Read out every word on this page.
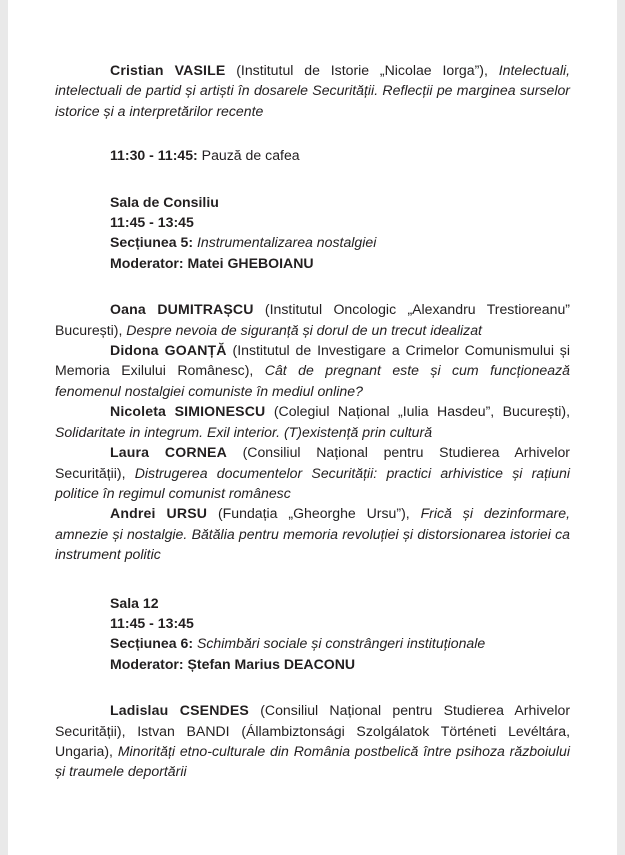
Cristian VASILE (Institutul de Istorie „Nicolae Iorga”), Intelectuali, intelectuali de partid și artiști în dosarele Securității. Reflecții pe marginea surselor istorice și a interpretărilor recente

11:30 - 11:45: Pauză de cafea
Sala de Consiliu
11:45 - 13:45
Secțiunea 5: Instrumentalizarea nostalgiei
Moderator: Matei GHEBOIANU

Oana DUMITRAȘCU (Institutul Oncologic „Alexandru Trestioreanu” București), Despre nevoia de siguranță și dorul de un trecut idealizat

Didona GOANȚĂ (Institutul de Investigare a Crimelor Comunismului și Memoria Exilului Românesc), Cât de pregnant este și cum funcționează fenomenul nostalgiei comuniste în mediul online?

Nicoleta SIMIONESCU (Colegiul Național „Iulia Hasdeu”, București), Solidaritate in integrum. Exil interior. (T)existență prin cultură

Laura CORNEA (Consiliul Național pentru Studierea Arhivelor Securității), Distrugerea documentelor Securității: practici arhivistice și rațiuni politice în regimul comunist românesc

Andrei URSU (Fundația „Gheorghe Ursu”), Frică și dezinformare, amnezie și nostalgie. Bătălia pentru memoria revoluției și distorsionarea istoriei ca instrument politic

Sala 12
11:45 - 13:45
Secțiunea 6: Schimbări sociale și constrângeri instituționale
Moderator: Ștefan Marius DEACONU

Ladislau CSENDES (Consiliul Național pentru Studierea Arhivelor Securității), Istvan BANDI (Állambiztonsági Szolgálatok Történeti Levéltára, Ungaria), Minorități etno-culturale din România postbelică între psihoza războiului și traumele deportării
